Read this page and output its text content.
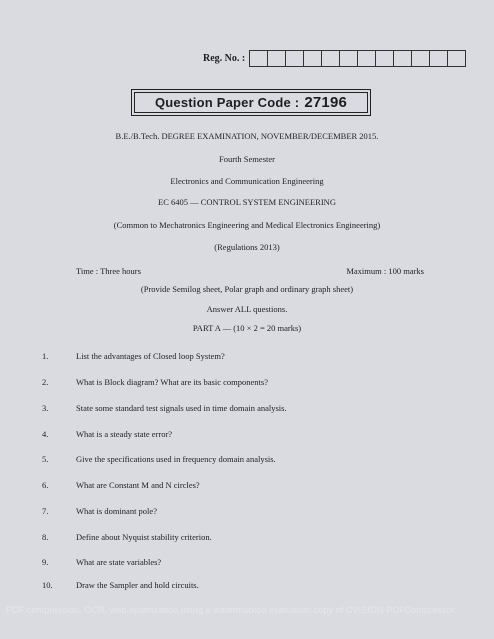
Reg. No. :
Question Paper Code : 27196
B.E./B.Tech. DEGREE EXAMINATION, NOVEMBER/DECEMBER 2015.
Fourth Semester
Electronics and Communication Engineering
EC 6405 — CONTROL SYSTEM ENGINEERING
(Common to Mechatronics Engineering and Medical Electronics Engineering)
(Regulations 2013)
Time : Three hours	Maximum : 100 marks
(Provide Semilog sheet, Polar graph and ordinary graph sheet)
Answer ALL questions.
PART A — (10 × 2 = 20 marks)
1.	List the advantages of Closed loop System?
2.	What is Block diagram? What are its basic components?
3.	State some standard test signals used in time domain analysis.
4.	What is a steady state error?
5.	Give the specifications used in frequency domain analysis.
6.	What are Constant M and N circles?
7.	What is dominant pole?
8.	Define about Nyquist stability criterion.
9.	What are state variables?
10.	Draw the Sampler and hold circuits.
PDF compression, OCR, web optimization using a watermarked evaluation copy of CVISION PDFCompressor
